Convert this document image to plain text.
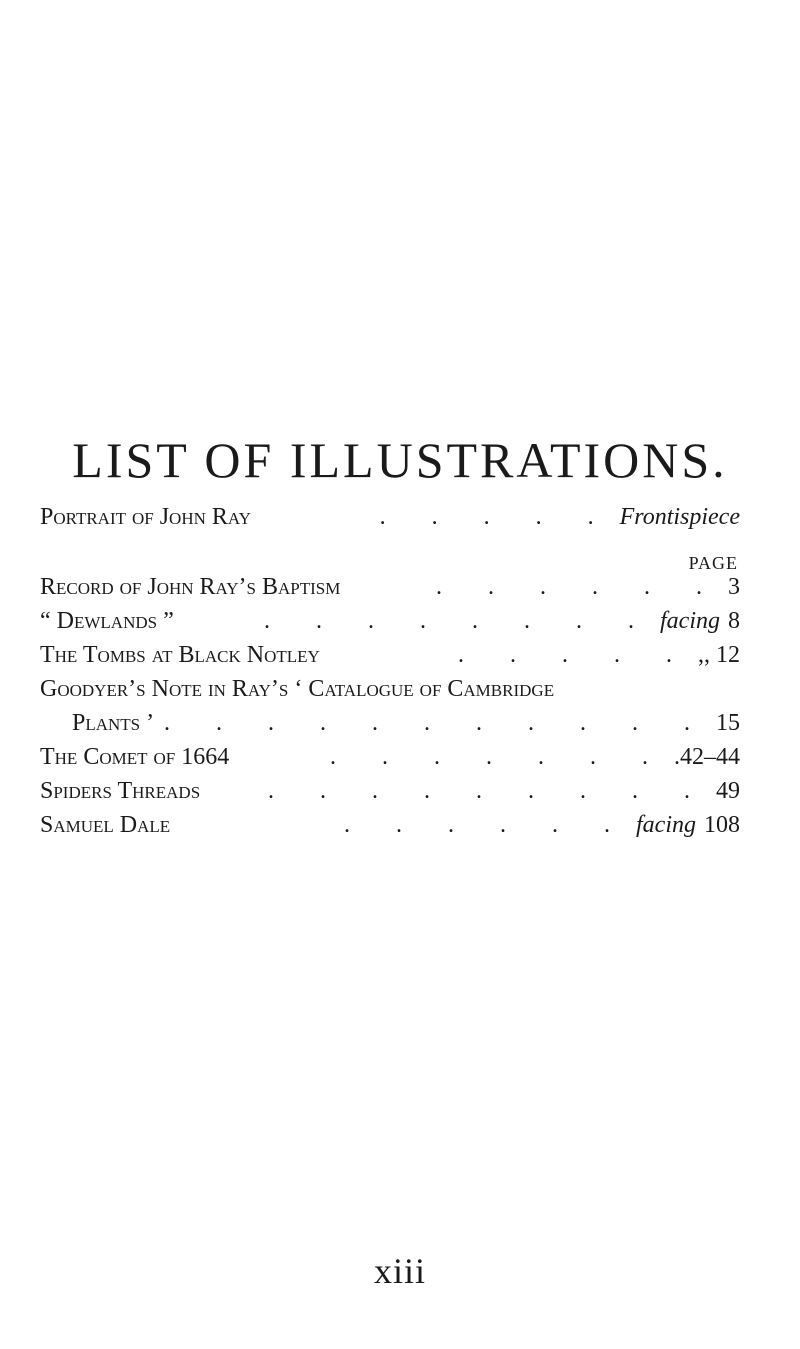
LIST OF ILLUSTRATIONS.
Portrait of John Ray	. . . . . Frontispiece
PAGE
Record of John Ray’s Baptism	. . . . . . 3
“ Dewlands ”	. . . . . . . . facing 8
The Tombs at Black Notley	. . . . . ,, 12
Goodyer’s Note in Ray’s ‘ Catalogue of Cambridge
Plants ’ . . . . . . . . . . . 15
The Comet of 1664	. . . . . . . .42–44
Spiders Threads	. . . . . . . . . 49
Samuel Dale	. . . . . . facing 108
xiii
